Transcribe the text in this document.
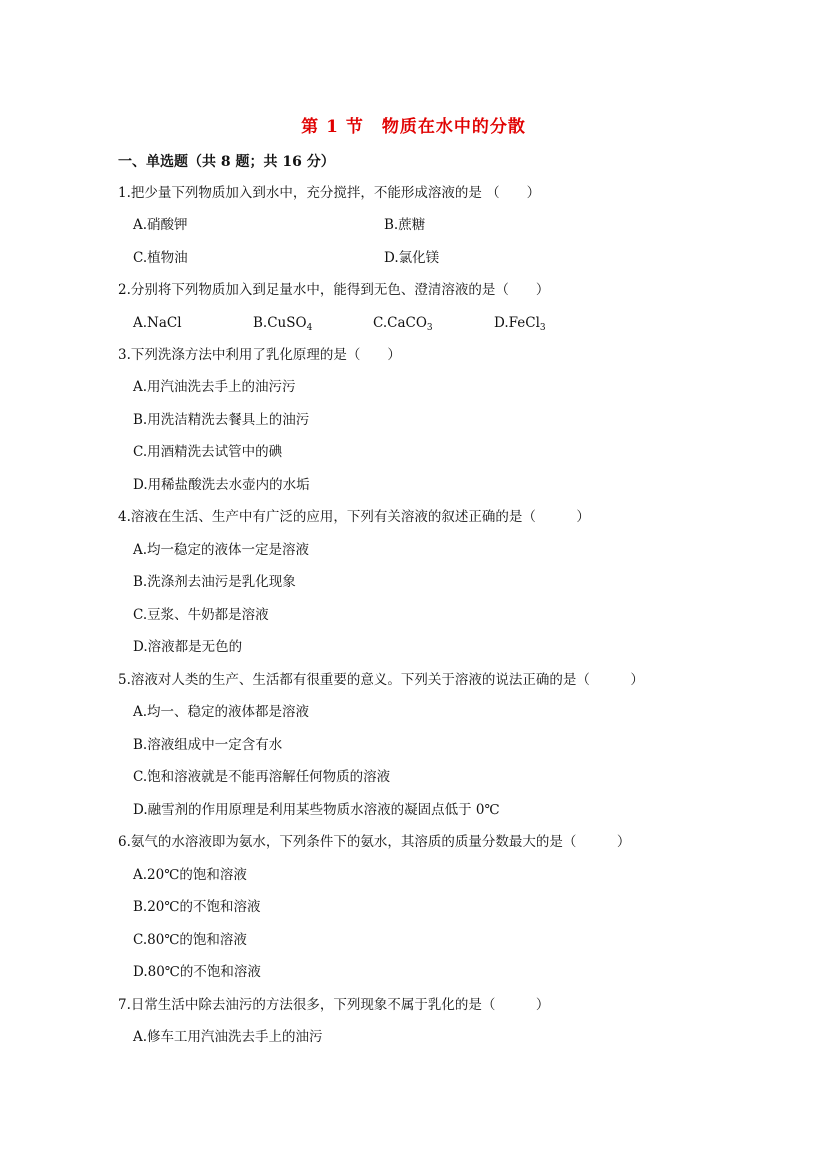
第 1 节　物质在水中的分散
一、单选题（共 8 题；共 16 分）
1.把少量下列物质加入到水中，充分搅拌，不能形成溶液的是 （　　）
A.硝酸钾	B.蔗糖
C.植物油	D.氯化镁
2.分别将下列物质加入到足量水中，能得到无色、澄清溶液的是（　　）
A.NaCl	B.CuSO$_4$	C.CaCO$_3$	D.FeCl$_3$
3.下列洗涤方法中利用了乳化原理的是（　　）
A.用汽油洗去手上的油污污
B.用洗洁精洗去餐具上的油污
C.用酒精洗去试管中的碘
D.用稀盐酸洗去水壶内的水垢
4.溶液在生活、生产中有广泛的应用，下列有关溶液的叙述正确的是（　　　）
A.均一稳定的液体一定是溶液
B.洗涤剂去油污是乳化现象
C.豆浆、牛奶都是溶液
D.溶液都是无色的
5.溶液对人类的生产、生活都有很重要的意义。下列关于溶液的说法正确的是（　　　）
A.均一、稳定的液体都是溶液
B.溶液组成中一定含有水
C.饱和溶液就是不能再溶解任何物质的溶液
D.融雪剂的作用原理是利用某些物质水溶液的凝固点低于 0℃
6.氨气的水溶液即为氨水，下列条件下的氨水，其溶质的质量分数最大的是（　　　）
A.20℃的饱和溶液
B.20℃的不饱和溶液
C.80℃的饱和溶液
D.80℃的不饱和溶液
7.日常生活中除去油污的方法很多，下列现象不属于乳化的是（　　　）
A.修车工用汽油洗去手上的油污
